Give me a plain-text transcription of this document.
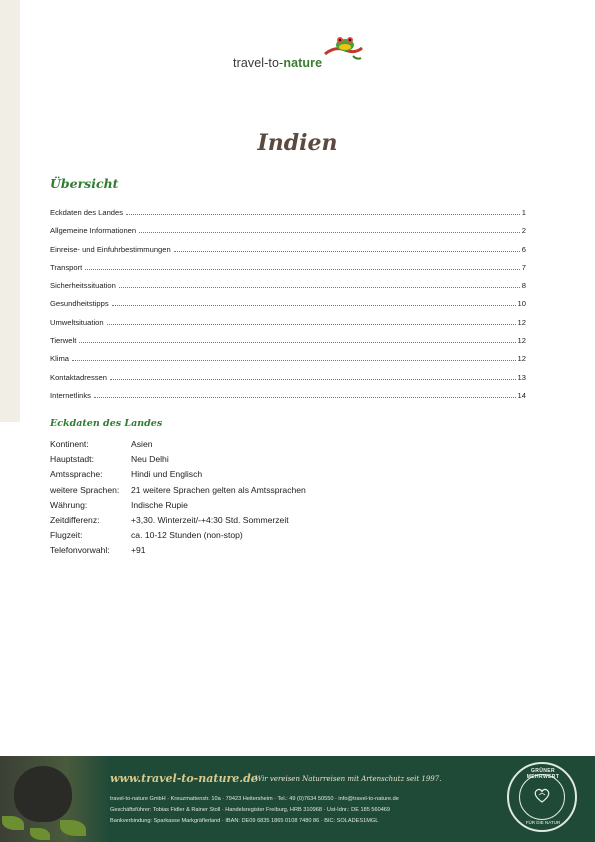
travel-to-nature
Indien
Übersicht
Eckdaten des Landes	1
Allgemeine Informationen	2
Einreise- und Einfuhrbestimmungen	6
Transport	7
Sicherheitssituation	8
Gesundheitstipps	10
Umweltsituation	12
Tierwelt	12
Klima	12
Kontaktadressen	13
Internetlinks	14
Eckdaten des Landes
Kontinent:	Asien
Hauptstadt:	Neu Delhi
Amtssprache:	Hindi und Englisch
weitere Sprachen:	21 weitere Sprachen gelten als Amtssprachen
Währung:	Indische Rupie
Zeitdifferenz:	+3,30. Winterzeit/-+4:30 Std. Sommerzeit
Flugzeit:	ca. 10-12 Stunden (non-stop)
Telefonvorwahl:	+91
www.travel-to-nature.de
Wir vereisen Naturreisen mit Artenschutz seit 1997.
travel-to-nature GmbH · Kreuzmattenstr. 10a · 79423 Heitersheim · Tel.: 49 (0)7634 50550 · info@travel-to-nature.de
Geschäftsführer: Tobias Fidler & Rainer Stoll · Handelsregister Freiburg, HRB 310968 · Ust-Idnr.: DE 185 560469
Bankverbindung: Sparkasse Markgräflerland · IBAN: DE09 6835 1865 0108 7480 86 · BIC: SOLADES1MGL
GRÜNER MEHRWERT
FÜR DIE NATUR
